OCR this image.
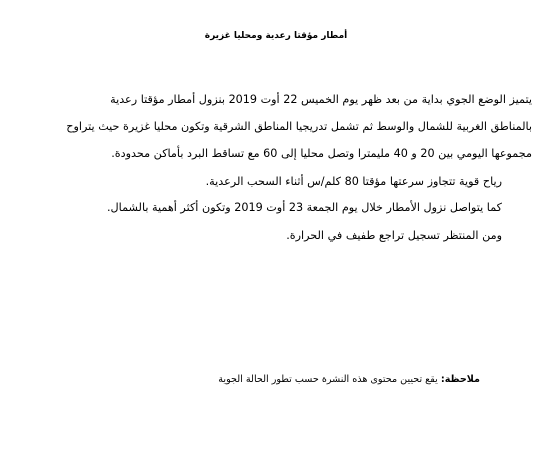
أمطار مؤقتا رعدية ومحليا غزيرة
يتميز الوضع الجوي بداية من بعد ظهر يوم الخميس 22 أوت 2019 بنزول أمطار مؤقتا رعدية
بالمناطق الغربية للشمال والوسط ثم تشمل تدريجيا المناطق الشرقية وتكون محليا غزيرة حيث يتراوح
مجموعها اليومي بين 20 و 40 مليمترا وتصل محليا إلى 60 مع تساقط البرد بأماكن محدودة.
رياح قوية تتجاوز سرعتها مؤقتا 80 كلم/س أثناء السحب الرعدية.
كما يتواصل نزول الأمطار خلال يوم الجمعة 23 أوت 2019 وتكون أكثر أهمية بالشمال.
ومن المنتظر تسجيل تراجع طفيف في الحرارة.
ملاحظة: يقع تحيين محتوى هذه النشرة حسب تطور الحالة الجوية
